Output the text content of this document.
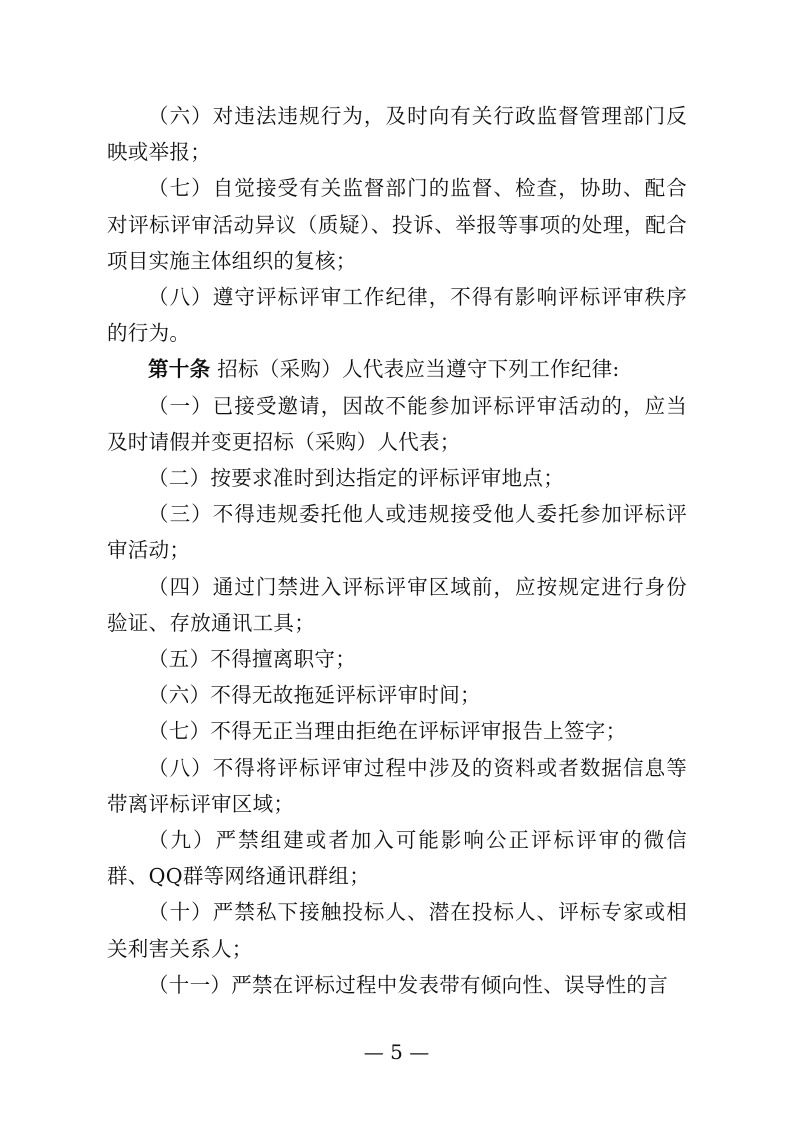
（六）对违法违规行为，及时向有关行政监督管理部门反映或举报；

（七）自觉接受有关监督部门的监督、检查，协助、配合对评标评审活动异议（质疑）、投诉、举报等事项的处理，配合项目实施主体组织的复核；

（八）遵守评标评审工作纪律，不得有影响评标评审秩序的行为。

第十条 招标（采购）人代表应当遵守下列工作纪律:

（一）已接受邀请，因故不能参加评标评审活动的，应当及时请假并变更招标（采购）人代表；

（二）按要求准时到达指定的评标评审地点；

（三）不得违规委托他人或违规接受他人委托参加评标评审活动；

（四）通过门禁进入评标评审区域前，应按规定进行身份验证、存放通讯工具；

（五）不得擅离职守；

（六）不得无故拖延评标评审时间；

（七）不得无正当理由拒绝在评标评审报告上签字；

（八）不得将评标评审过程中涉及的资料或者数据信息等带离评标评审区域；

（九）严禁组建或者加入可能影响公正评标评审的微信群、QQ群等网络通讯群组；

（十）严禁私下接触投标人、潜在投标人、评标专家或相关利害关系人；

（十一）严禁在评标过程中发表带有倾向性、误导性的言

— 5 —
